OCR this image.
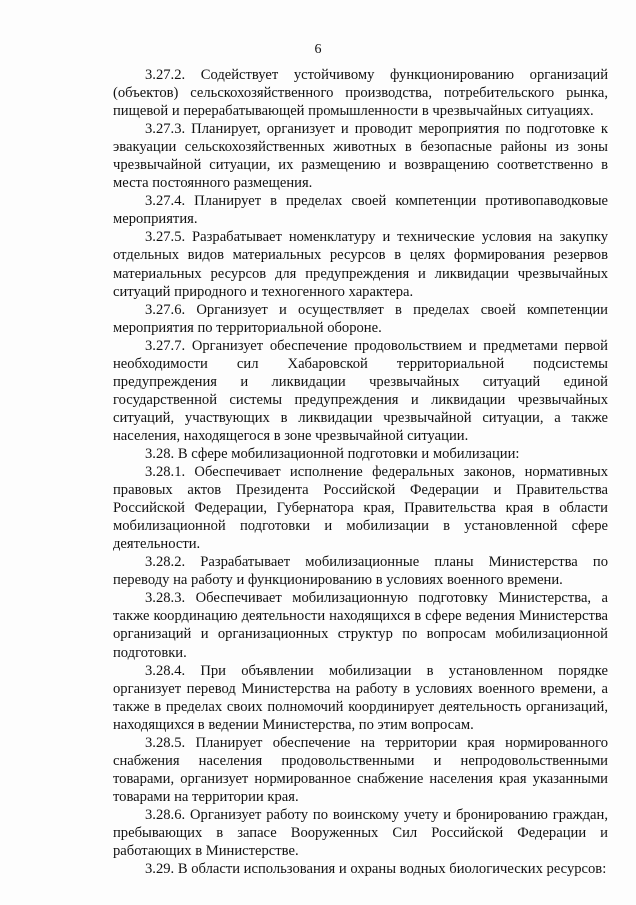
6

3.27.2. Содействует устойчивому функционированию организаций (объектов) сельскохозяйственного производства, потребительского рынка, пищевой и перерабатывающей промышленности в чрезвычайных ситуациях.

3.27.3. Планирует, организует и проводит мероприятия по подготовке к эвакуации сельскохозяйственных животных в безопасные районы из зоны чрезвычайной ситуации, их размещению и возвращению соответственно в места постоянного размещения.

3.27.4. Планирует в пределах своей компетенции противопаводковые мероприятия.

3.27.5. Разрабатывает номенклатуру и технические условия на закупку отдельных видов материальных ресурсов в целях формирования резервов материальных ресурсов для предупреждения и ликвидации чрезвычайных ситуаций природного и техногенного характера.

3.27.6. Организует и осуществляет в пределах своей компетенции мероприятия по территориальной обороне.

3.27.7. Организует обеспечение продовольствием и предметами первой необходимости сил Хабаровской территориальной подсистемы предупреждения и ликвидации чрезвычайных ситуаций единой государственной системы предупреждения и ликвидации чрезвычайных ситуаций, участвующих в ликвидации чрезвычайной ситуации, а также населения, находящегося в зоне чрезвычайной ситуации.

3.28. В сфере мобилизационной подготовки и мобилизации:

3.28.1. Обеспечивает исполнение федеральных законов, нормативных правовых актов Президента Российской Федерации и Правительства Российской Федерации, Губернатора края, Правительства края в области мобилизационной подготовки и мобилизации в установленной сфере деятельности.

3.28.2. Разрабатывает мобилизационные планы Министерства по переводу на работу и функционированию в условиях военного времени.

3.28.3. Обеспечивает мобилизационную подготовку Министерства, а также координацию деятельности находящихся в сфере ведения Министерства организаций и организационных структур по вопросам мобилизационной подготовки.

3.28.4. При объявлении мобилизации в установленном порядке организует перевод Министерства на работу в условиях военного времени, а также в пределах своих полномочий координирует деятельность организаций, находящихся в ведении Министерства, по этим вопросам.

3.28.5. Планирует обеспечение на территории края нормированного снабжения населения продовольственными и непродовольственными товарами, организует нормированное снабжение населения края указанными товарами на территории края.

3.28.6. Организует работу по воинскому учету и бронированию граждан, пребывающих в запасе Вооруженных Сил Российской Федерации и работающих в Министерстве.

3.29. В области использования и охраны водных биологических ресурсов:
